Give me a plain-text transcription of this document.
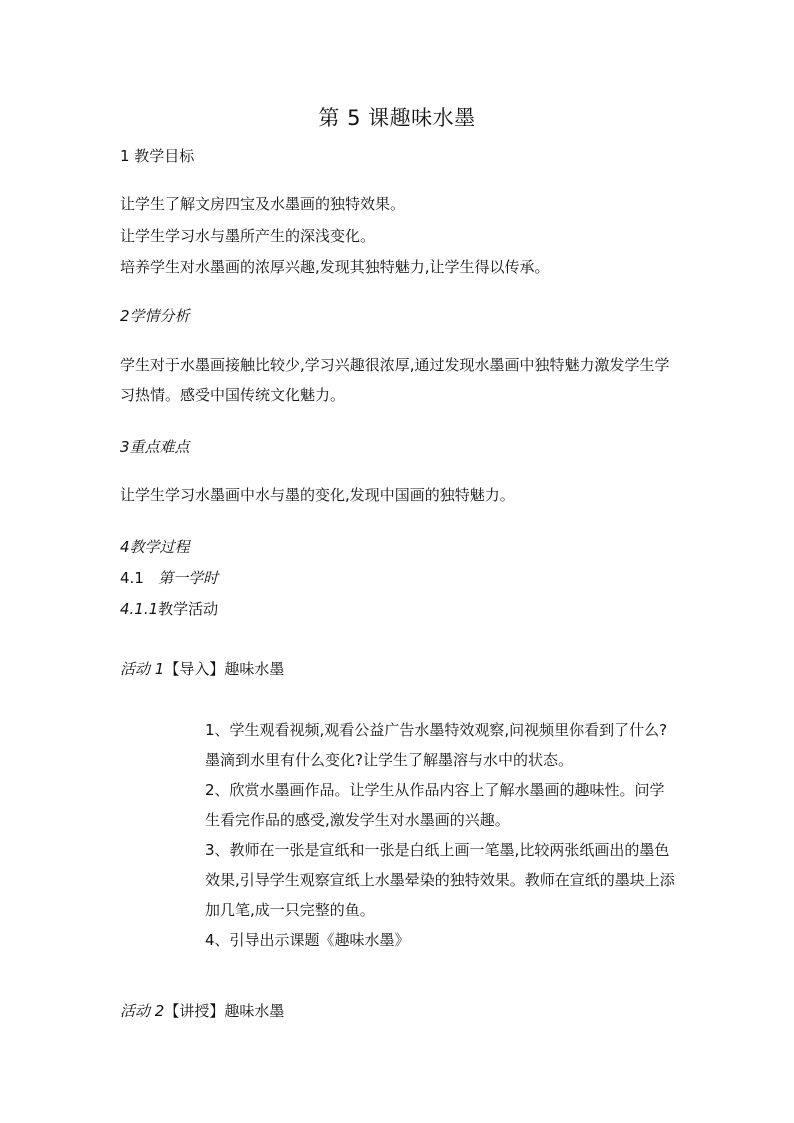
第 5 课趣味水墨
1 教学目标
让学生了解文房四宝及水墨画的独特效果。
让学生学习水与墨所产生的深浅变化。
培养学生对水墨画的浓厚兴趣,发现其独特魅力,让学生得以传承。
2学情分析
学生对于水墨画接触比较少,学习兴趣很浓厚,通过发现水墨画中独特魅力激发学生学习热情。感受中国传统文化魅力。
3重点难点
让学生学习水墨画中水与墨的变化,发现中国画的独特魅力。
4教学过程
4.1 第一学时
4.1.1教学活动
活动 1【导入】趣味水墨

1、学生观看视频,观看公益广告水墨特效观察,问视频里你看到了什么?墨滴到水里有什么变化?让学生了解墨溶与水中的状态。

2、欣赏水墨画作品。让学生从作品内容上了解水墨画的趣味性。问学生看完作品的感受,激发学生对水墨画的兴趣。

3、教师在一张是宣纸和一张是白纸上画一笔墨,比较两张纸画出的墨色效果,引导学生观察宣纸上水墨晕染的独特效果。教师在宣纸的墨块上添加几笔,成一只完整的鱼。

4、引导出示课题《趣味水墨》

活动 2【讲授】趣味水墨
